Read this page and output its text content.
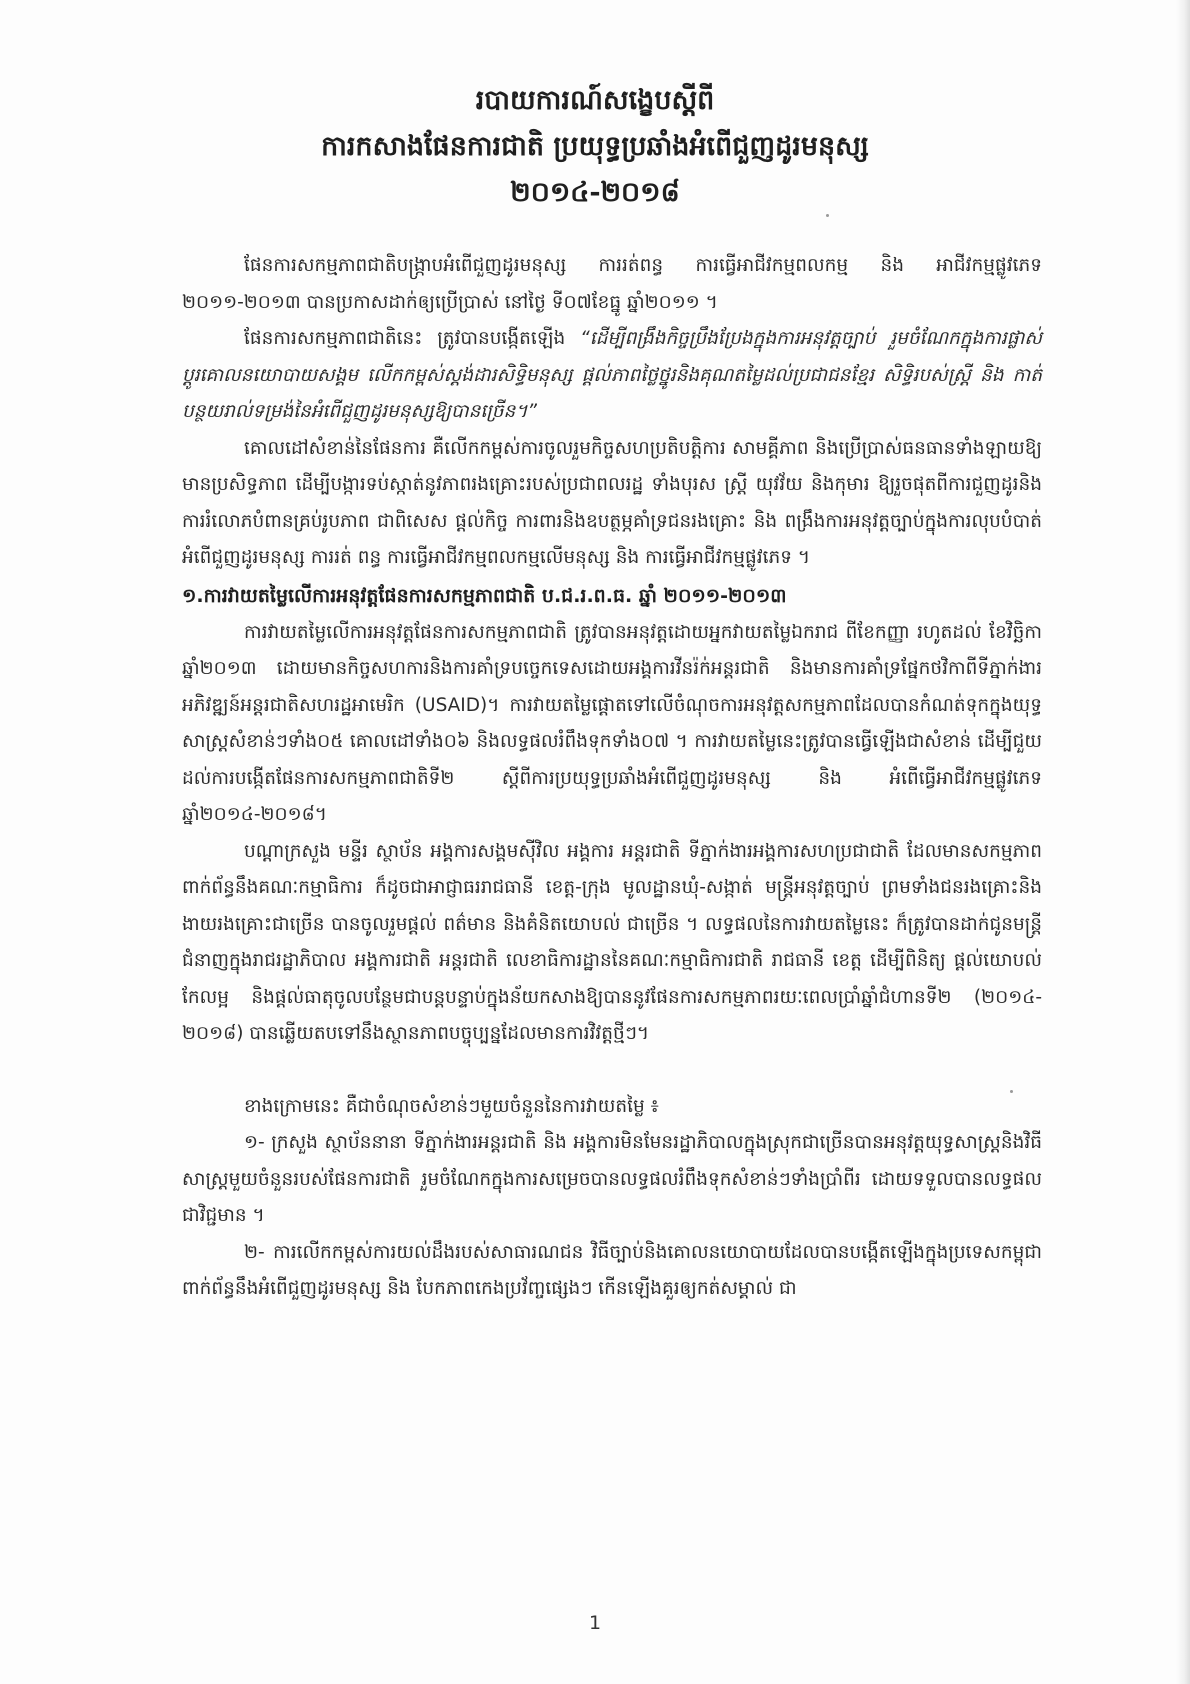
របាយការណ៍សង្ខេបស្តីពី
ការកសាងផែនការជាតិ ប្រយុទ្ធប្រឆាំងអំពើជួញដូរមនុស្ស
២០១៤-២០១៨

ផែនការសកម្មភាពជាតិបង្ក្រាបអំពើជួញដូរមនុស្ស ការរត់ពន្ធ ការធ្វើអាជីវកម្មពលកម្ម និង អាជីវកម្មផ្លូវភេទ ២០១១-២០១៣ បានប្រកាសដាក់ឲ្យប្រើប្រាស់ នៅថ្ងៃ ទី០៧ខែធ្នូ ឆ្នាំ២០១១ ។

ផែនការសកម្មភាពជាតិនេះ ត្រូវបានបង្កើតឡើង “ដើម្បីពង្រឹងកិច្ចប្រឹងប្រែងក្នុងការអនុវត្តច្បាប់ រួមចំណែកក្នុងការផ្លាស់ប្តូរគោលនយោបាយសង្គម លើកកម្ពស់ស្តង់ដារសិទ្ធិមនុស្ស ផ្តល់ភាពថ្លៃថ្នូរនិងគុណតម្លៃដល់ប្រជាជនខ្មែរ សិទ្ធិរបស់ស្ត្រី និង កាត់បន្ថយរាល់ទម្រង់នៃអំពើជួញដូរមនុស្សឱ្យបានច្រើន។”

គោលដៅសំខាន់នៃផែនការ គឺលើកកម្ពស់ការចូលរួមកិច្ចសហប្រតិបត្តិការ សាមគ្គីភាព និងប្រើប្រាស់ធនធានទាំងឡាយឱ្យមានប្រសិទ្ធភាព ដើម្បីបង្ការទប់ស្កាត់នូវភាពរងគ្រោះរបស់ប្រជាពលរដ្ឋ ទាំងបុរស ស្ត្រី យុវវ័យ និងកុមារ ឱ្យរួចផុតពីការជួញដូរនិងការរំលោភបំពានគ្រប់រូបភាព ជាពិសេស ផ្តល់កិច្ច ការពារនិងឧបត្ថម្ភគាំទ្រជនរងគ្រោះ និង ពង្រឹងការអនុវត្តច្បាប់ក្នុងការលុបបំបាត់អំពើជួញដូរមនុស្ស ការរត់ ពន្ធ ការធ្វើអាជីវកម្មពលកម្មលើមនុស្ស និង ការធ្វើអាជីវកម្មផ្លូវភេទ ។

១.ការវាយតម្លៃលើការអនុវត្តផែនការសកម្មភាពជាតិ ប.ជ.រ.ព.ធ. ឆ្នាំ ២០១១-២០១៣

ការវាយតម្លៃលើការអនុវត្តផែនការសកម្មភាពជាតិ ត្រូវបានអនុវត្តដោយអ្នកវាយតម្លៃឯករាជ ពីខែកញ្ញា រហូតដល់ ខែវិច្ឆិកា ឆ្នាំ២០១៣ ដោយមានកិច្ចសហការនិងការគាំទ្របច្ចេកទេសដោយអង្គការវីនរ៉ក់អន្តរជាតិ និងមានការគាំទ្រផ្នែកថវិកាពីទីភ្នាក់ងារអភិវឌ្ឍន៍អន្តរជាតិសហរដ្ឋអាមេរិក (USAID)។ ការវាយតម្លៃផ្តោតទៅលើចំណុចការអនុវត្តសកម្មភាពដែលបានកំណត់ទុកក្នុងយុទ្ធសាស្ត្រសំខាន់ៗទាំង០៥ គោលដៅទាំង០៦ និងលទ្ធផលរំពឹងទុកទាំង០៧ ។ ការវាយតម្លៃនេះត្រូវបានធ្វើឡើងជាសំខាន់ ដើម្បីជួយដល់ការបង្កើតផែនការសកម្មភាពជាតិទី២ ស្តីពីការប្រយុទ្ធប្រឆាំងអំពើជួញដូរមនុស្ស និង អំពើធ្វើអាជីវកម្មផ្លូវភេទ ឆ្នាំ២០១៤-២០១៨។

បណ្តាក្រសួង មន្ទីរ ស្ថាប័ន អង្គការសង្គមស៊ីវិល អង្គការ អន្តរជាតិ ទីភ្នាក់ងារអង្គការសហប្រជាជាតិ ដែលមានសកម្មភាពពាក់ព័ន្ធនឹងគណៈកម្មាធិការ ក៏ដូចជាអាជ្ញាធររាជធានី ខេត្ត-ក្រុង មូលដ្ឋានឃុំ-សង្កាត់ មន្ត្រីអនុវត្តច្បាប់ ព្រមទាំងជនរងគ្រោះនិងងាយរងគ្រោះជាច្រើន បានចូលរួមផ្តល់ ពត៌មាន និងគំនិតយោបល់ ជាច្រើន ។ លទ្ធផលនៃការវាយតម្លៃនេះ ក៏ត្រូវបានដាក់ជូនមន្ត្រីជំនាញក្នុងរាជរដ្ឋាភិបាល អង្គការជាតិ អន្តរជាតិ លេខាធិការដ្ឋាននៃគណៈកម្មាធិការជាតិ រាជធានី ខេត្ត ដើម្បីពិនិត្យ ផ្តល់យោបល់ កែលម្អ និងផ្តល់ធាតុចូលបន្ថែមជាបន្តបន្ទាប់ក្នុងន័យកសាងឱ្យបាននូវផែនការសកម្មភាពរយៈពេលប្រាំឆ្នាំជំហានទី២ (២០១៤- ២០១៨) បានឆ្លើយតបទៅនឹងស្ថានភាពបច្ចុប្បន្នដែលមានការវិវត្តថ្មីៗ។

ខាងក្រោមនេះ គឺជាចំណុចសំខាន់ៗមួយចំនួននៃការវាយតម្លៃ ៖

១- ក្រសួង ស្ថាប័ននានា ទីភ្នាក់ងារអន្តរជាតិ និង អង្គការមិនមែនរដ្ឋាភិបាលក្នុងស្រុកជាច្រើនបានអនុវត្តយុទ្ធសាស្ត្រនិងវិធីសាស្ត្រមួយចំនួនរបស់ផែនការជាតិ រួមចំណែកក្នុងការសម្រេចបានលទ្ធផលរំពឹងទុកសំខាន់ៗទាំងប្រាំពីរ ដោយទទួលបានលទ្ធផលជាវិជ្ជមាន ។

២- ការលើកកម្ពស់ការយល់ដឹងរបស់សាធារណជន វិធីច្បាប់និងគោលនយោបាយដែលបានបង្កើតឡើងក្នុងប្រទេសកម្ពុជា ពាក់ព័ន្ធនឹងអំពើជួញដូរមនុស្ស និង បែកភាពកេងប្រវ័ញ្ចផ្សេងៗ កើនឡើងគួរឲ្យកត់សម្គាល់ ជា

1
